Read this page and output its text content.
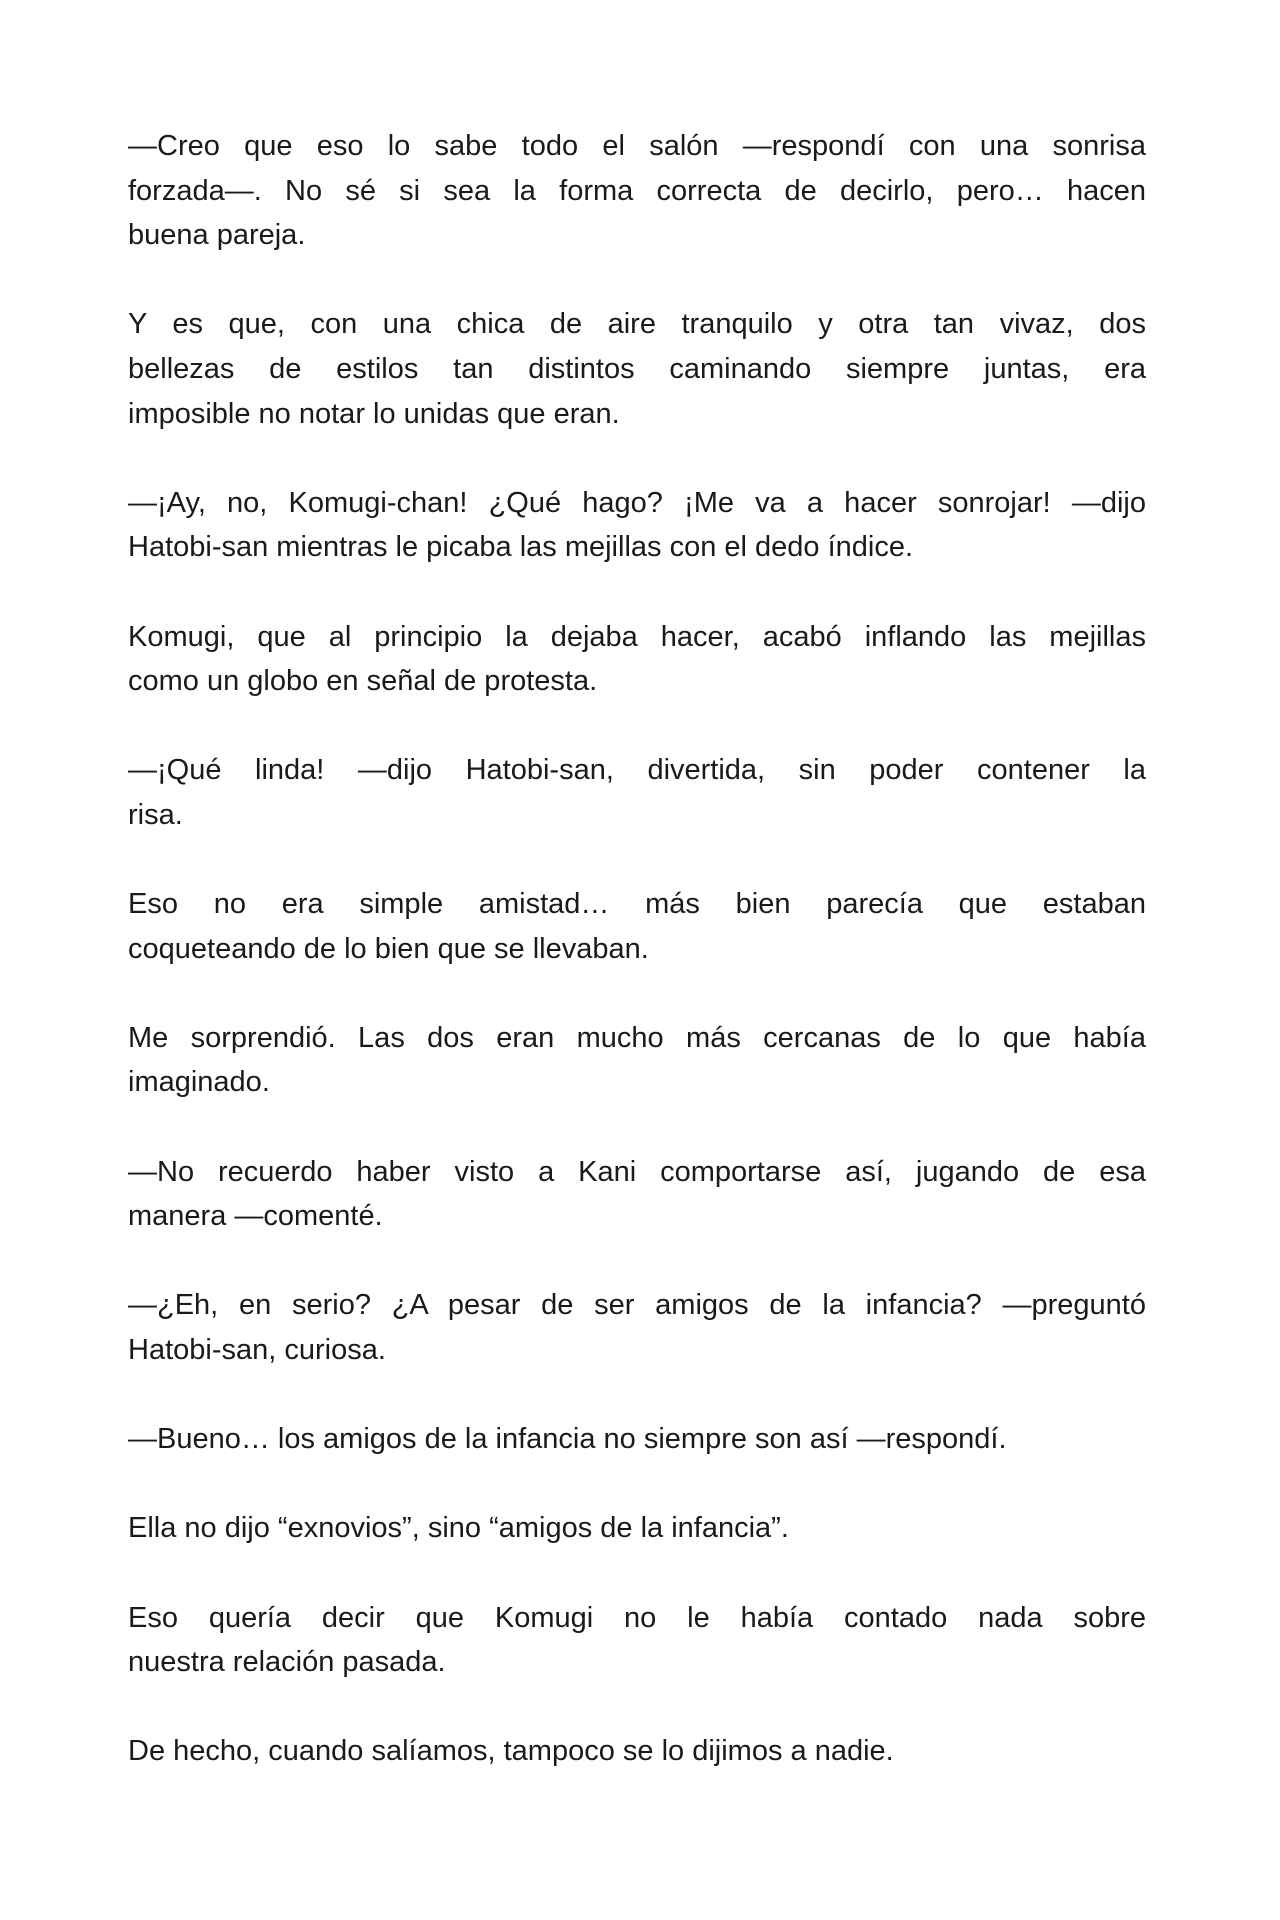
—Creo que eso lo sabe todo el salón —respondí con una sonrisa
forzada—. No sé si sea la forma correcta de decirlo, pero… hacen
buena pareja.

Y es que, con una chica de aire tranquilo y otra tan vivaz, dos
bellezas de estilos tan distintos caminando siempre juntas, era
imposible no notar lo unidas que eran.

—¡Ay, no, Komugi-chan! ¿Qué hago? ¡Me va a hacer sonrojar! —dijo
Hatobi-san mientras le picaba las mejillas con el dedo índice.

Komugi, que al principio la dejaba hacer, acabó inflando las mejillas
como un globo en señal de protesta.

—¡Qué linda! —dijo Hatobi-san, divertida, sin poder contener la
risa.

Eso no era simple amistad… más bien parecía que estaban
coqueteando de lo bien que se llevaban.

Me sorprendió. Las dos eran mucho más cercanas de lo que había
imaginado.

—No recuerdo haber visto a Kani comportarse así, jugando de esa
manera —comenté.

—¿Eh, en serio? ¿A pesar de ser amigos de la infancia? —preguntó
Hatobi-san, curiosa.

—Bueno… los amigos de la infancia no siempre son así —respondí.

Ella no dijo “exnovios”, sino “amigos de la infancia”.

Eso quería decir que Komugi no le había contado nada sobre
nuestra relación pasada.

De hecho, cuando salíamos, tampoco se lo dijimos a nadie.
